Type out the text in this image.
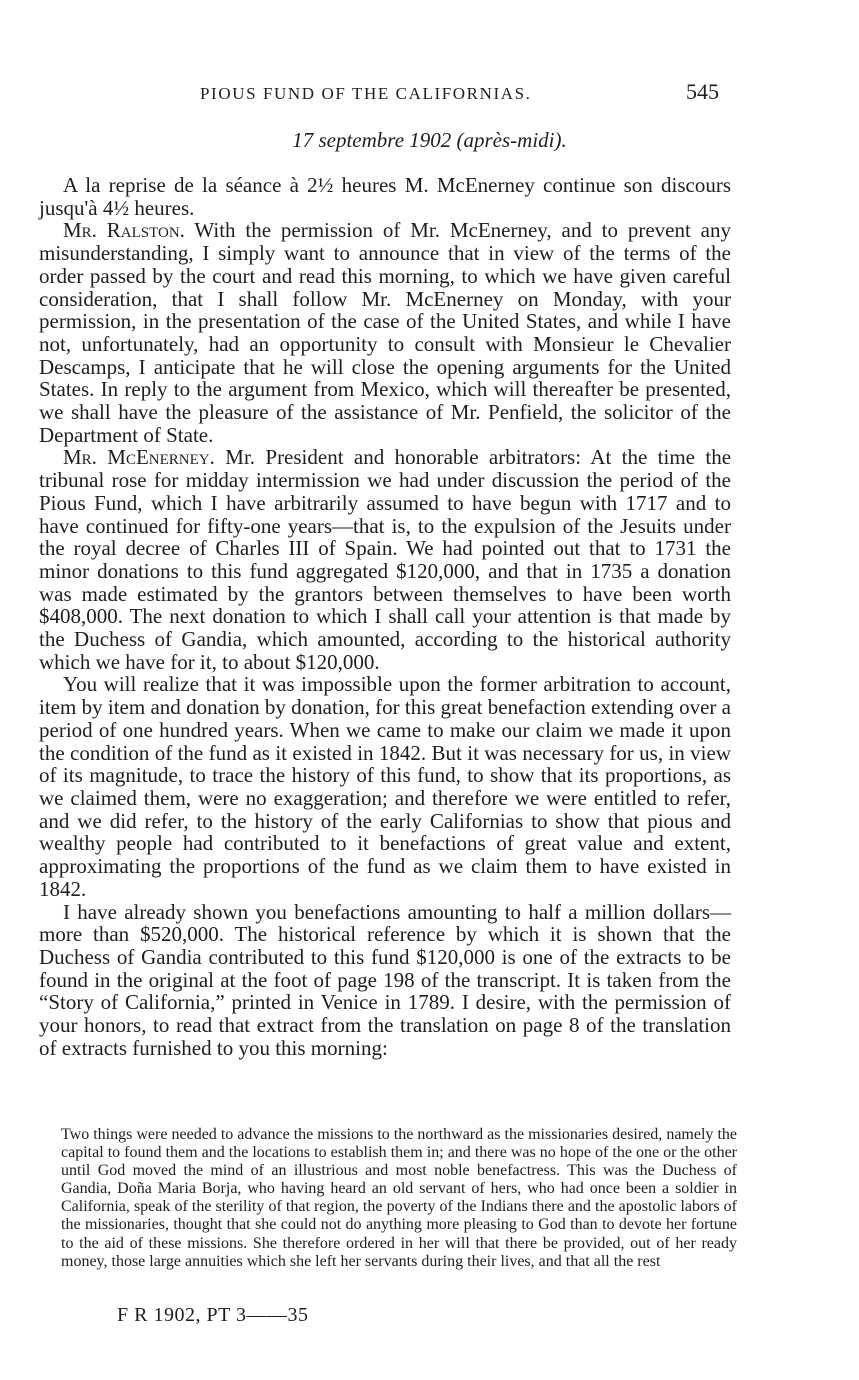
PIOUS FUND OF THE CALIFORNIAS.	545
17 septembre 1902 (après-midi).

A la reprise de la séance à 2½ heures M. McEnerney continue son discours jusqu'à 4½ heures.

Mr. Ralston. With the permission of Mr. McEnerney, and to prevent any misunderstanding, I simply want to announce that in view of the terms of the order passed by the court and read this morning, to which we have given careful consideration, that I shall follow Mr. McEnerney on Monday, with your permission, in the presentation of the case of the United States, and while I have not, unfortunately, had an opportunity to consult with Monsieur le Chevalier Descamps, I anticipate that he will close the opening arguments for the United States. In reply to the argument from Mexico, which will thereafter be presented, we shall have the pleasure of the assistance of Mr. Penfield, the solicitor of the Department of State.

Mr. McEnerney. Mr. President and honorable arbitrators: At the time the tribunal rose for midday intermission we had under discussion the period of the Pious Fund, which I have arbitrarily assumed to have begun with 1717 and to have continued for fifty-one years—that is, to the expulsion of the Jesuits under the royal decree of Charles III of Spain. We had pointed out that to 1731 the minor donations to this fund aggregated $120,000, and that in 1735 a donation was made estimated by the grantors between themselves to have been worth $408,000. The next donation to which I shall call your attention is that made by the Duchess of Gandia, which amounted, according to the historical authority which we have for it, to about $120,000.

You will realize that it was impossible upon the former arbitration to account, item by item and donation by donation, for this great benefaction extending over a period of one hundred years. When we came to make our claim we made it upon the condition of the fund as it existed in 1842. But it was necessary for us, in view of its magnitude, to trace the history of this fund, to show that its proportions, as we claimed them, were no exaggeration; and therefore we were entitled to refer, and we did refer, to the history of the early Californias to show that pious and wealthy people had contributed to it benefactions of great value and extent, approximating the proportions of the fund as we claim them to have existed in 1842.

I have already shown you benefactions amounting to half a million dollars—more than $520,000. The historical reference by which it is shown that the Duchess of Gandia contributed to this fund $120,000 is one of the extracts to be found in the original at the foot of page 198 of the transcript. It is taken from the “Story of California,” printed in Venice in 1789. I desire, with the permission of your honors, to read that extract from the translation on page 8 of the translation of extracts furnished to you this morning:

Two things were needed to advance the missions to the northward as the missionaries desired, namely the capital to found them and the locations to establish them in; and there was no hope of the one or the other until God moved the mind of an illustrious and most noble benefactress. This was the Duchess of Gandia, Doña Maria Borja, who having heard an old servant of hers, who had once been a soldier in California, speak of the sterility of that region, the poverty of the Indians there and the apostolic labors of the missionaries, thought that she could not do anything more pleasing to God than to devote her fortune to the aid of these missions. She therefore ordered in her will that there be provided, out of her ready money, those large annuities which she left her servants during their lives, and that all the rest

F R 1902, PT 3——35
